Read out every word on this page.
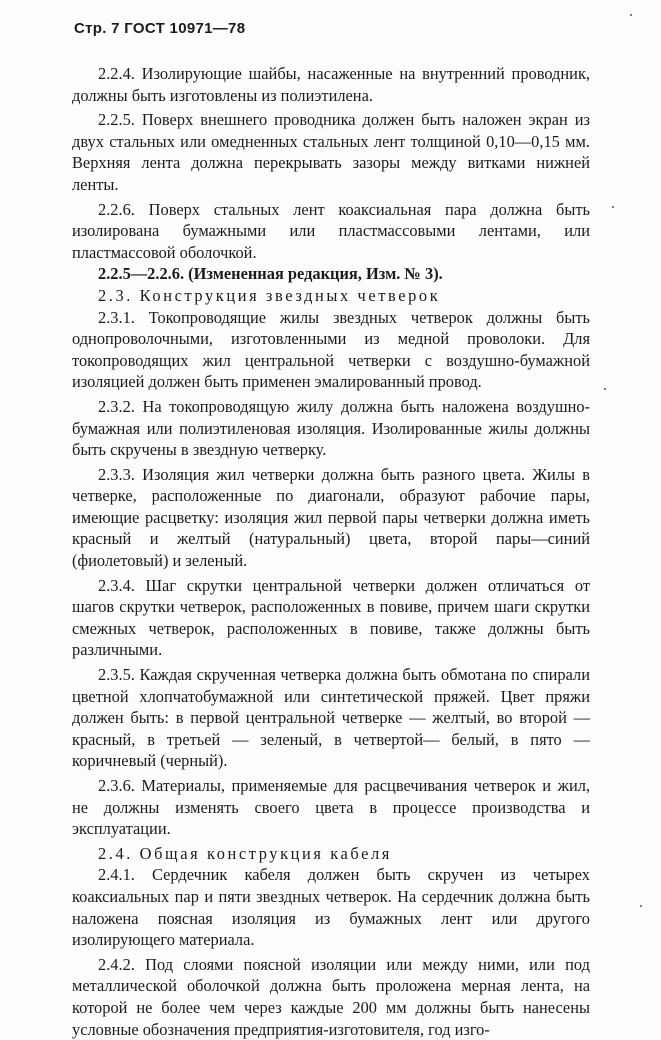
Стр. 7 ГОСТ 10971—78

2.2.4. Изолирующие шайбы, насаженные на внутренний проводник, должны быть изготовлены из полиэтилена.

2.2.5. Поверх внешнего проводника должен быть наложен экран из двух стальных или омедненных стальных лент толщиной 0,10—0,15 мм. Верхняя лента должна перекрывать зазоры между витками нижней ленты.

2.2.6. Поверх стальных лент коаксиальная пара должна быть изолирована бумажными или пластмассовыми лентами, или пластмассовой оболочкой.

2.2.5—2.2.6. (Измененная редакция, Изм. № 3).

2.3. Конструкция звездных четверок

2.3.1. Токопроводящие жилы звездных четверок должны быть однопроволочными, изготовленными из медной проволоки. Для токопроводящих жил центральной четверки с воздушно-бумажной изоляцией должен быть применен эмалированный провод.

2.3.2. На токопроводящую жилу должна быть наложена воздушно-бумажная или полиэтиленовая изоляция. Изолированные жилы должны быть скручены в звездную четверку.

2.3.3. Изоляция жил четверки должна быть разного цвета. Жилы в четверке, расположенные по диагонали, образуют рабочие пары, имеющие расцветку: изоляция жил первой пары четверки должна иметь красный и желтый (натуральный) цвета, второй пары—синий (фиолетовый) и зеленый.

2.3.4. Шаг скрутки центральной четверки должен отличаться от шагов скрутки четверок, расположенных в повиве, причем шаги скрутки смежных четверок, расположенных в повиве, также должны быть различными.

2.3.5. Каждая скрученная четверка должна быть обмотана по спирали цветной хлопчатобумажной или синтетической пряжей. Цвет пряжи должен быть: в первой центральной четверке — желтый, во второй — красный, в третьей — зеленый, в четвертой— белый, в пято — коричневый (черный).

2.3.6. Материалы, применяемые для расцвечивания четверок и жил, не должны изменять своего цвета в процессе производства и эксплуатации.

2.4. Общая конструкция кабеля

2.4.1. Сердечник кабеля должен быть скручен из четырех коаксиальных пар и пяти звездных четверок. На сердечник должна быть наложена поясная изоляция из бумажных лент или другого изолирующего материала.

2.4.2. Под слоями поясной изоляции или между ними, или под металлической оболочкой должна быть проложена мерная лента, на которой не более чем через каждые 200 мм должны быть нанесены условные обозначения предприятия-изготовителя, год изго-
